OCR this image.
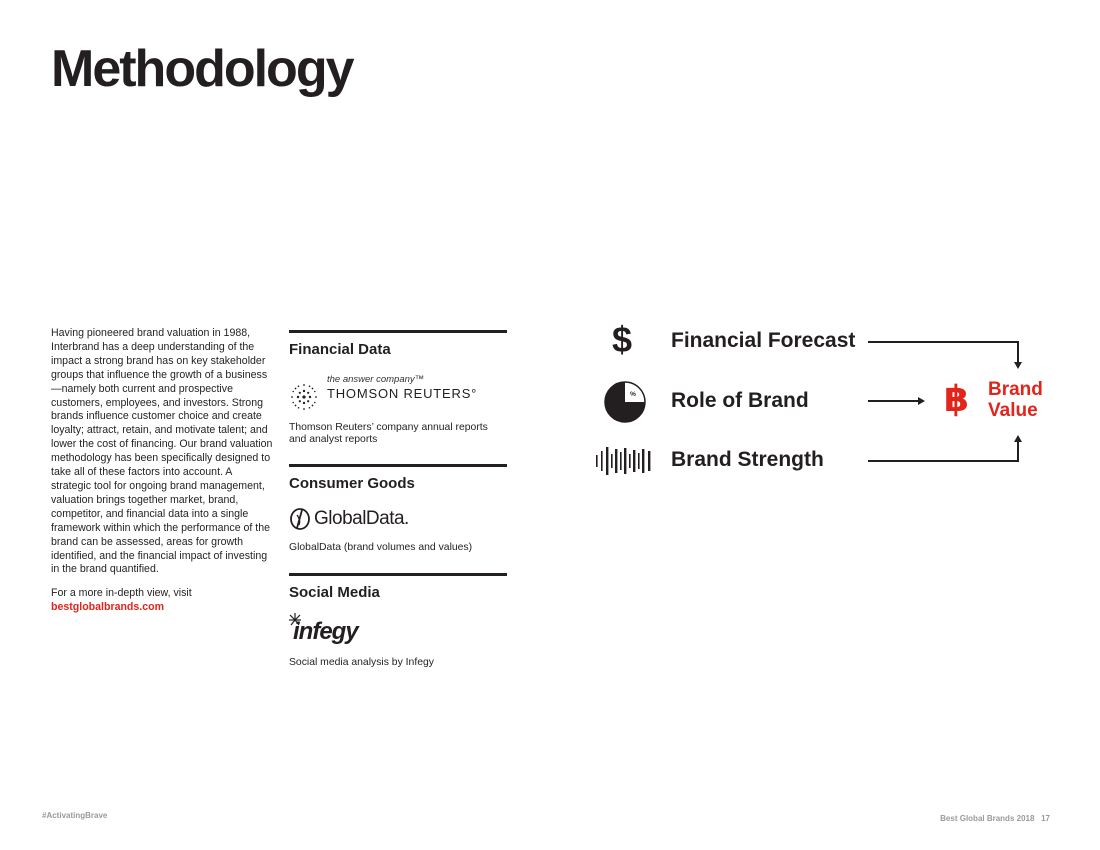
Methodology

Having pioneered brand valuation in 1988, Interbrand has a deep understanding of the impact a strong brand has on key stakeholder groups that influence the growth of a business—namely both current and prospective customers, employees, and investors. Strong brands influence customer choice and create loyalty; attract, retain, and motivate talent; and lower the cost of financing. Our brand valuation methodology has been specifically designed to take all of these factors into account. A strategic tool for ongoing brand management, valuation brings together market, brand, competitor, and financial data into a single framework within which the performance of the brand can be assessed, areas for growth identified, and the financial impact of investing in the brand quantified.

For a more in-depth view, visit
bestglobalbrands.com

Financial Data
the answer company™
THOMSON REUTERS°
Thomson Reuters’ company annual reports and analyst reports
Consumer Goods
GlobalData.
GlobalData (brand volumes and values)
Social Media
infegy
Social media analysis by Infegy
$
%
Financial Forecast
Role of Brand
Brand Strength
฿ Brand
Value
#ActivatingBrave	Best Global Brands 2018 17
